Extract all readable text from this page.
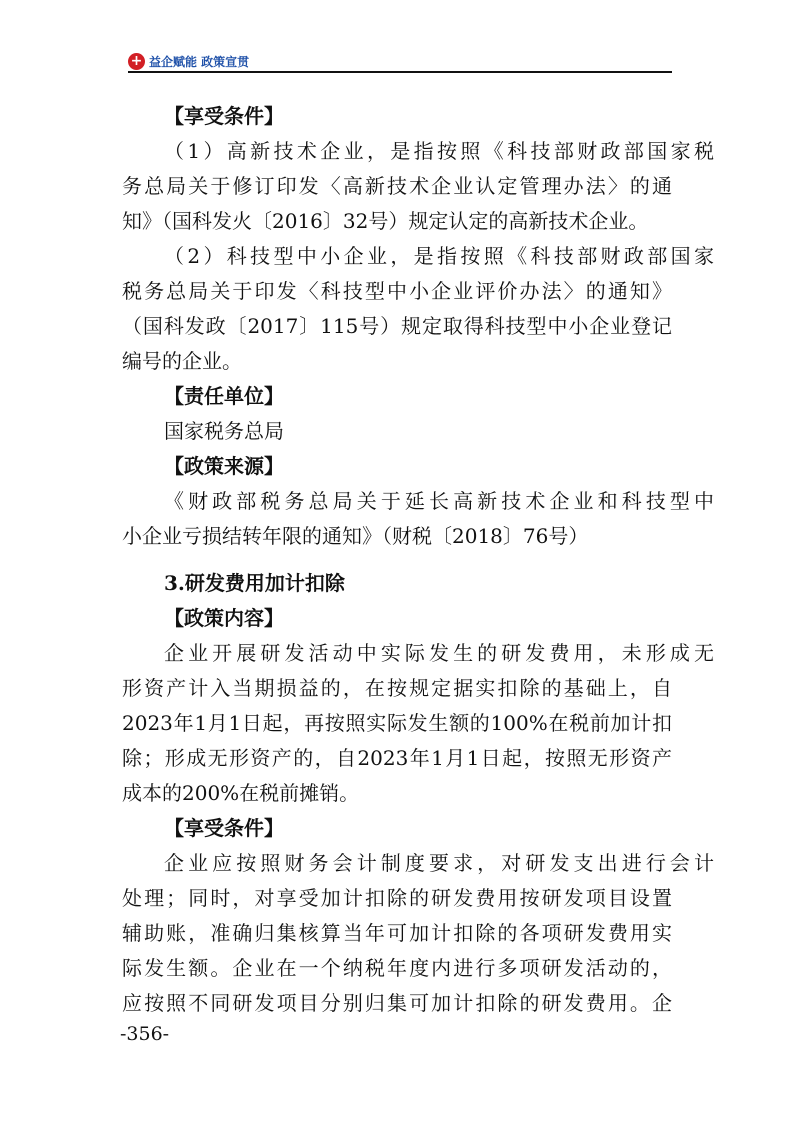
+ 益企赋能 政策宣贯
【享受条件】
（1）高新技术企业，是指按照《科技部财政部国家税
务总局关于修订印发〈高新技术企业认定管理办法〉的通
知》（国科发火〔2016〕32号）规定认定的高新技术企业。
（2）科技型中小企业，是指按照《科技部财政部国家
税务总局关于印发〈科技型中小企业评价办法〉的通知》
（国科发政〔2017〕115号）规定取得科技型中小企业登记
编号的企业。
【责任单位】
国家税务总局
【政策来源】
《财政部税务总局关于延长高新技术企业和科技型中
小企业亏损结转年限的通知》（财税〔2018〕76号）
3.研发费用加计扣除
【政策内容】
企业开展研发活动中实际发生的研发费用，未形成无
形资产计入当期损益的，在按规定据实扣除的基础上，自
2023年1月1日起，再按照实际发生额的100%在税前加计扣
除；形成无形资产的，自2023年1月1日起，按照无形资产
成本的200%在税前摊销。
【享受条件】
企业应按照财务会计制度要求，对研发支出进行会计
处理；同时，对享受加计扣除的研发费用按研发项目设置
辅助账，准确归集核算当年可加计扣除的各项研发费用实
际发生额。企业在一个纳税年度内进行多项研发活动的，
应按照不同研发项目分别归集可加计扣除的研发费用。企
-356-
